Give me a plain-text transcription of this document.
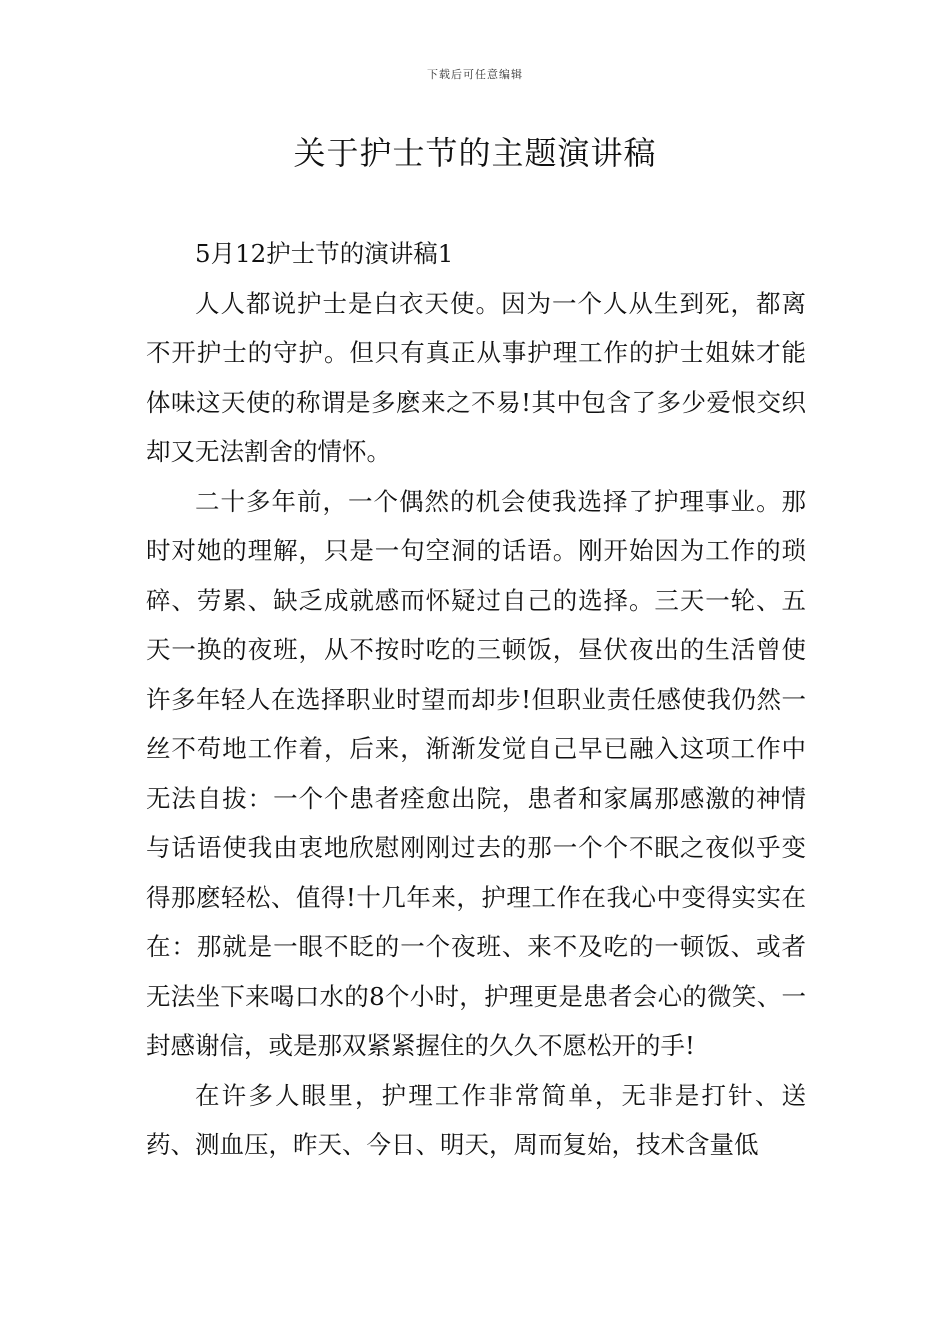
下载后可任意编辑
关于护士节的主题演讲稿

5月12护士节的演讲稿1

人人都说护士是白衣天使。因为一个人从生到死，都离不开护士的守护。但只有真正从事护理工作的护士姐妹才能体味这天使的称谓是多麽来之不易!其中包含了多少爱恨交织却又无法割舍的情怀。

二十多年前，一个偶然的机会使我选择了护理事业。那时对她的理解，只是一句空洞的话语。刚开始因为工作的琐碎、劳累、缺乏成就感而怀疑过自己的选择。三天一轮、五天一换的夜班，从不按时吃的三顿饭，昼伏夜出的生活曾使许多年轻人在选择职业时望而却步!但职业责任感使我仍然一丝不苟地工作着，后来，渐渐发觉自己早已融入这项工作中无法自拔：一个个患者痊愈出院，患者和家属那感激的神情与话语使我由衷地欣慰刚刚过去的那一个个不眠之夜似乎变得那麽轻松、值得!十几年来，护理工作在我心中变得实实在在：那就是一眼不眨的一个夜班、来不及吃的一顿饭、或者无法坐下来喝口水的8个小时，护理更是患者会心的微笑、一封感谢信，或是那双紧紧握住的久久不愿松开的手!

在许多人眼里，护理工作非常简单，无非是打针、送药、测血压，昨天、今日、明天，周而复始，技术含量低
